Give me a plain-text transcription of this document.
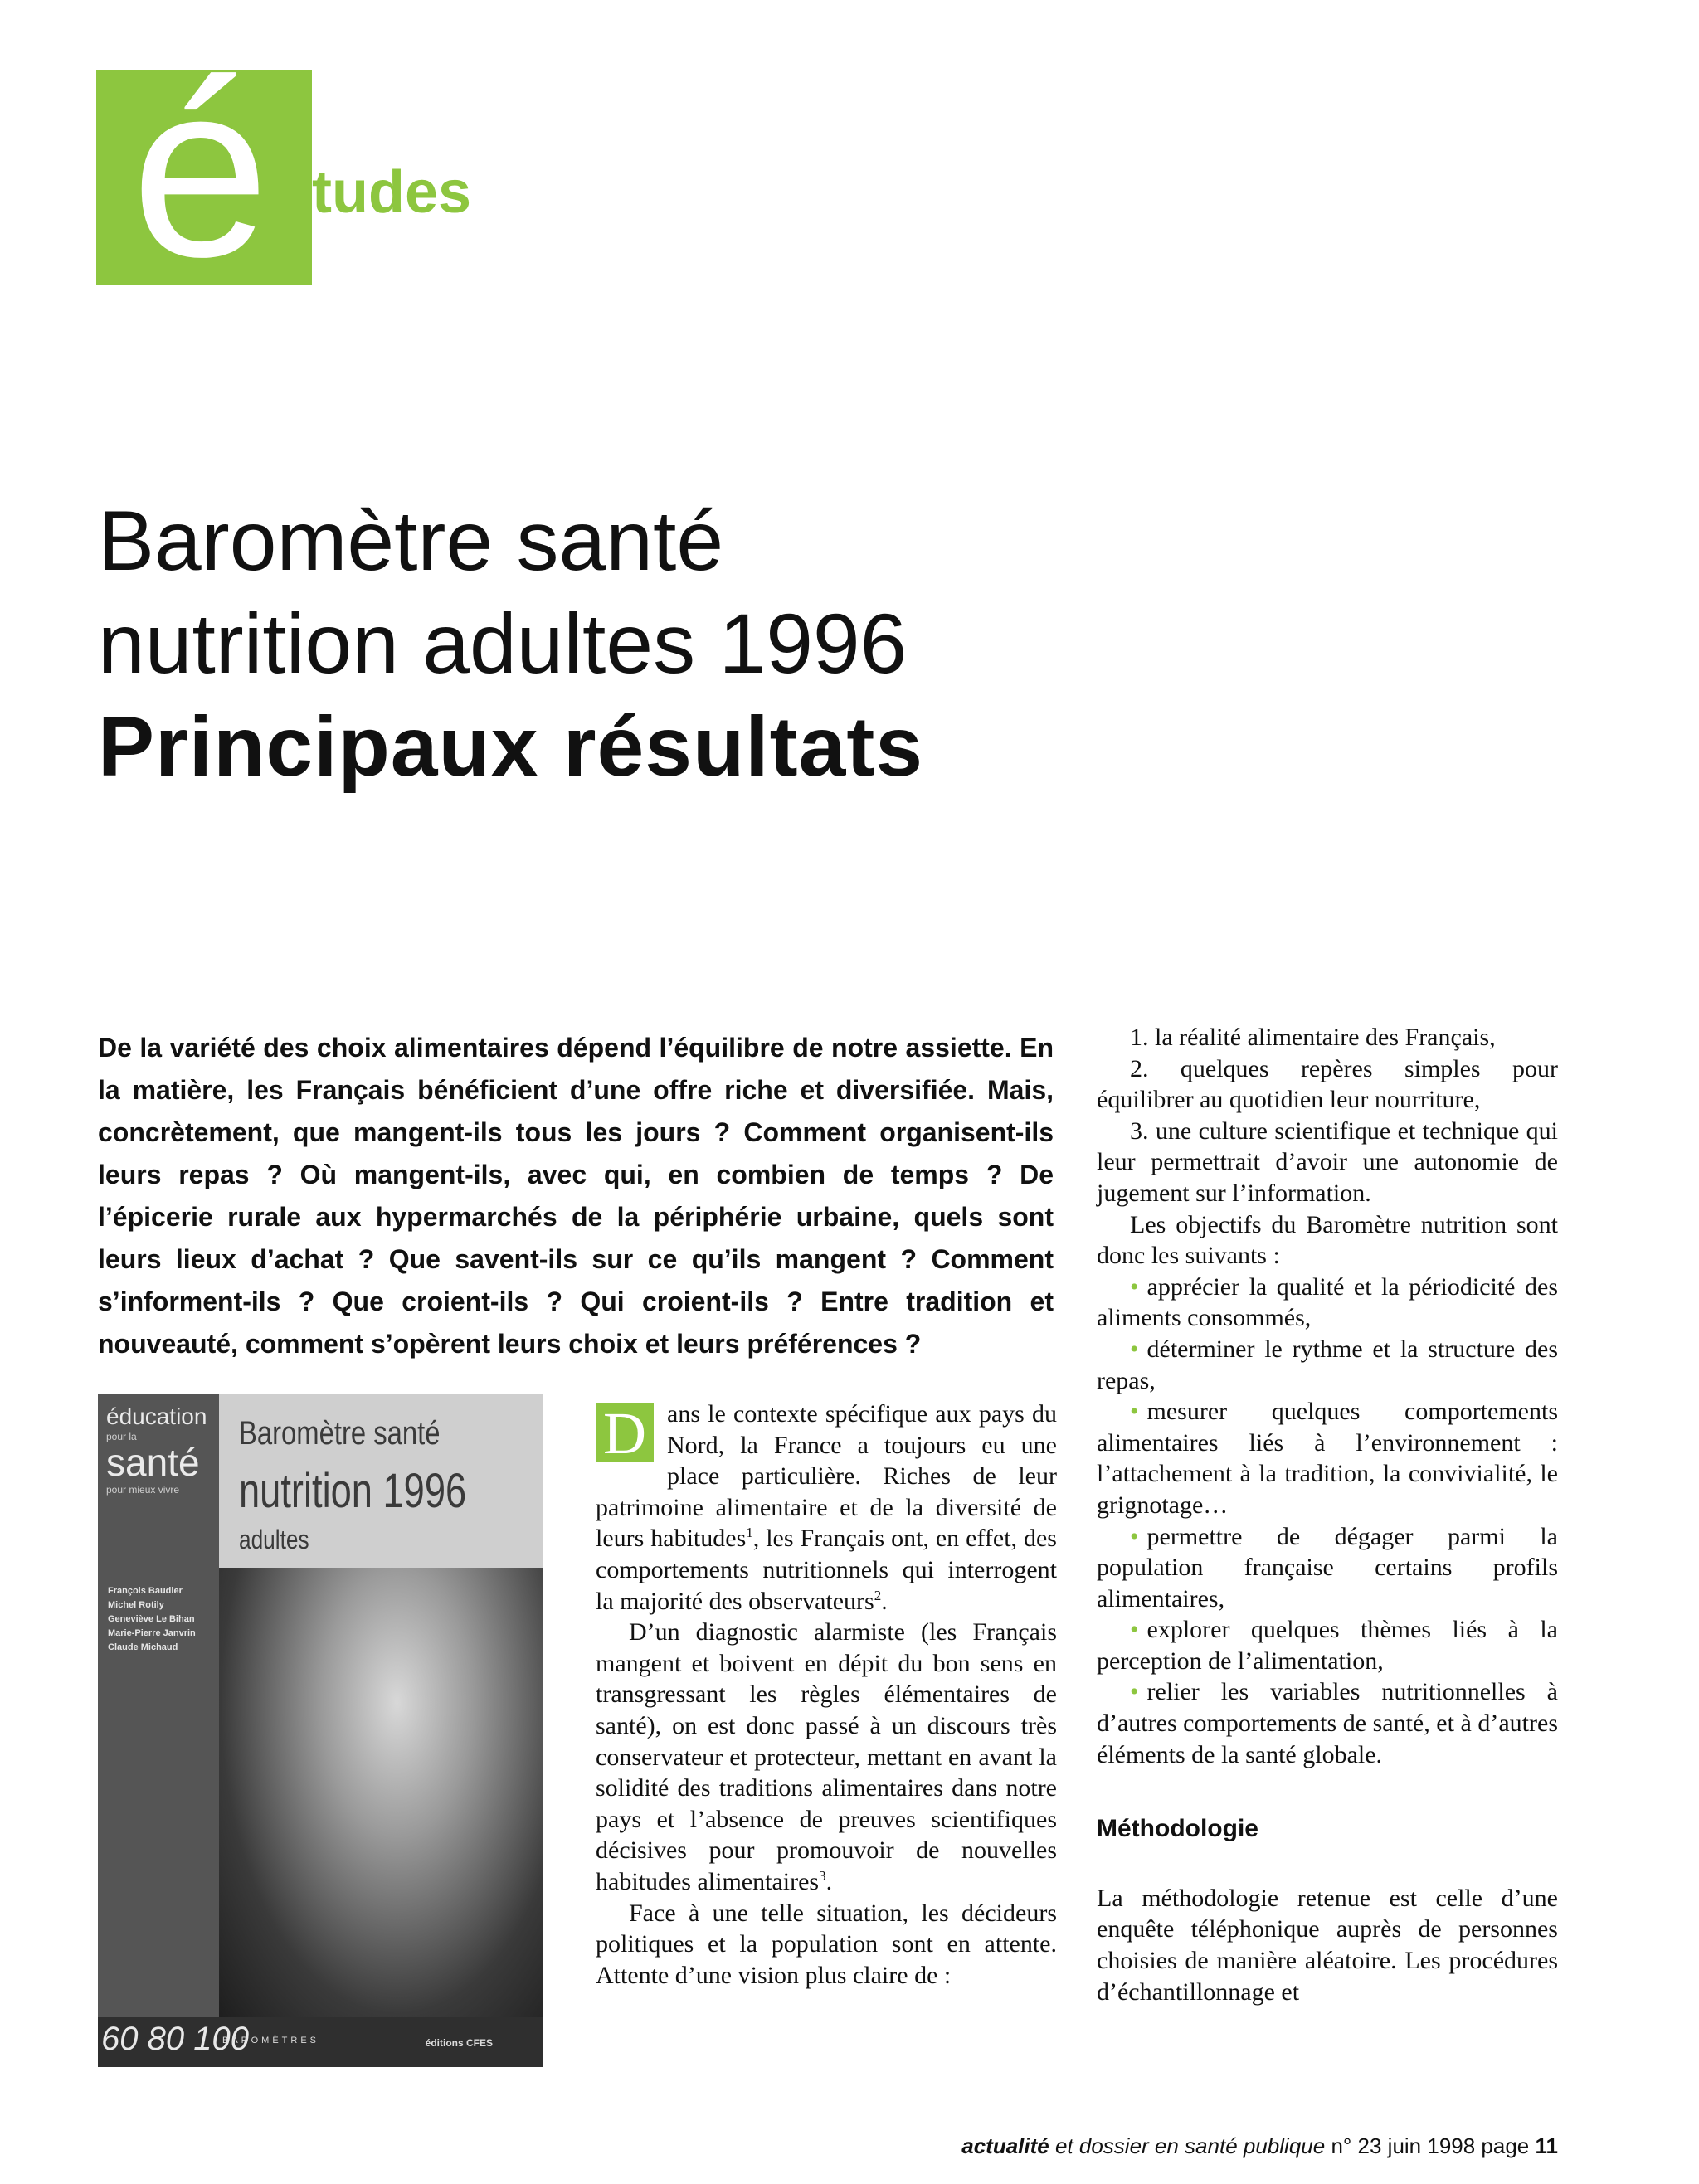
é tudes
Baromètre santé
nutrition adultes 1996
Principaux résultats
De la variété des choix alimentaires dépend l’équilibre de notre assiette. En la matière, les Français bénéficient d’une offre riche et diversifiée. Mais, concrètement, que mangent-ils tous les jours ? Comment organisent-ils leurs repas ? Où mangent-ils, avec qui, en combien de temps ? De l’épicerie rurale aux hypermarchés de la périphérie urbaine, quels sont leurs lieux d’achat ? Que savent-ils sur ce qu’ils mangent ? Comment s’informent-ils ? Que croient-ils ? Qui croient-ils ? Entre tradition et nouveauté, comment s’opèrent leurs choix et leurs préférences ?
éducation
pour la
santé
pour mieux vivre
François Baudier
Michel Rotily
Geneviève Le Bihan
Marie-Pierre Janvrin
Claude Michaud
Baromètre santé
nutrition 1996
adultes
60 80 100
BAROMÈTRES	éditions CFES

D ans le contexte spécifique aux pays du Nord, la France a toujours eu une place particulière. Riches de leur patrimoine alimentaire et de la diversité de leurs habitudes$^1$, les Français ont, en effet, des comportements nutritionnels qui interrogent la majorité des observateurs$^2$.

D’un diagnostic alarmiste (les Français mangent et boivent en dépit du bon sens en transgressant les règles élémentaires de santé), on est donc passé à un discours très conservateur et protecteur, mettant en avant la solidité des traditions alimentaires dans notre pays et l’absence de preuves scientifiques décisives pour promouvoir de nouvelles habitudes alimentaires$^3$.

Face à une telle situation, les décideurs politiques et la population sont en attente. Attente d’une vision plus claire de :

1. la réalité alimentaire des Français,

2. quelques repères simples pour équilibrer au quotidien leur nourriture,

3. une culture scientifique et technique qui leur permettrait d’avoir une autonomie de jugement sur l’information.

Les objectifs du Baromètre nutrition sont donc les suivants :

• apprécier la qualité et la périodicité des aliments consommés,

• déterminer le rythme et la structure des repas,

• mesurer quelques comportements alimentaires liés à l’environnement : l’attachement à la tradition, la convivialité, le grignotage…

• permettre de dégager parmi la population française certains profils alimentaires,

• explorer quelques thèmes liés à la perception de l’alimentation,

• relier les variables nutritionnelles à d’autres comportements de santé, et à d’autres éléments de la santé globale.

Méthodologie

La méthodologie retenue est celle d’une enquête téléphonique auprès de personnes choisies de manière aléatoire. Les procédures d’échantillonnage et

actualité et dossier en santé publique n° 23 juin 1998 page 11
